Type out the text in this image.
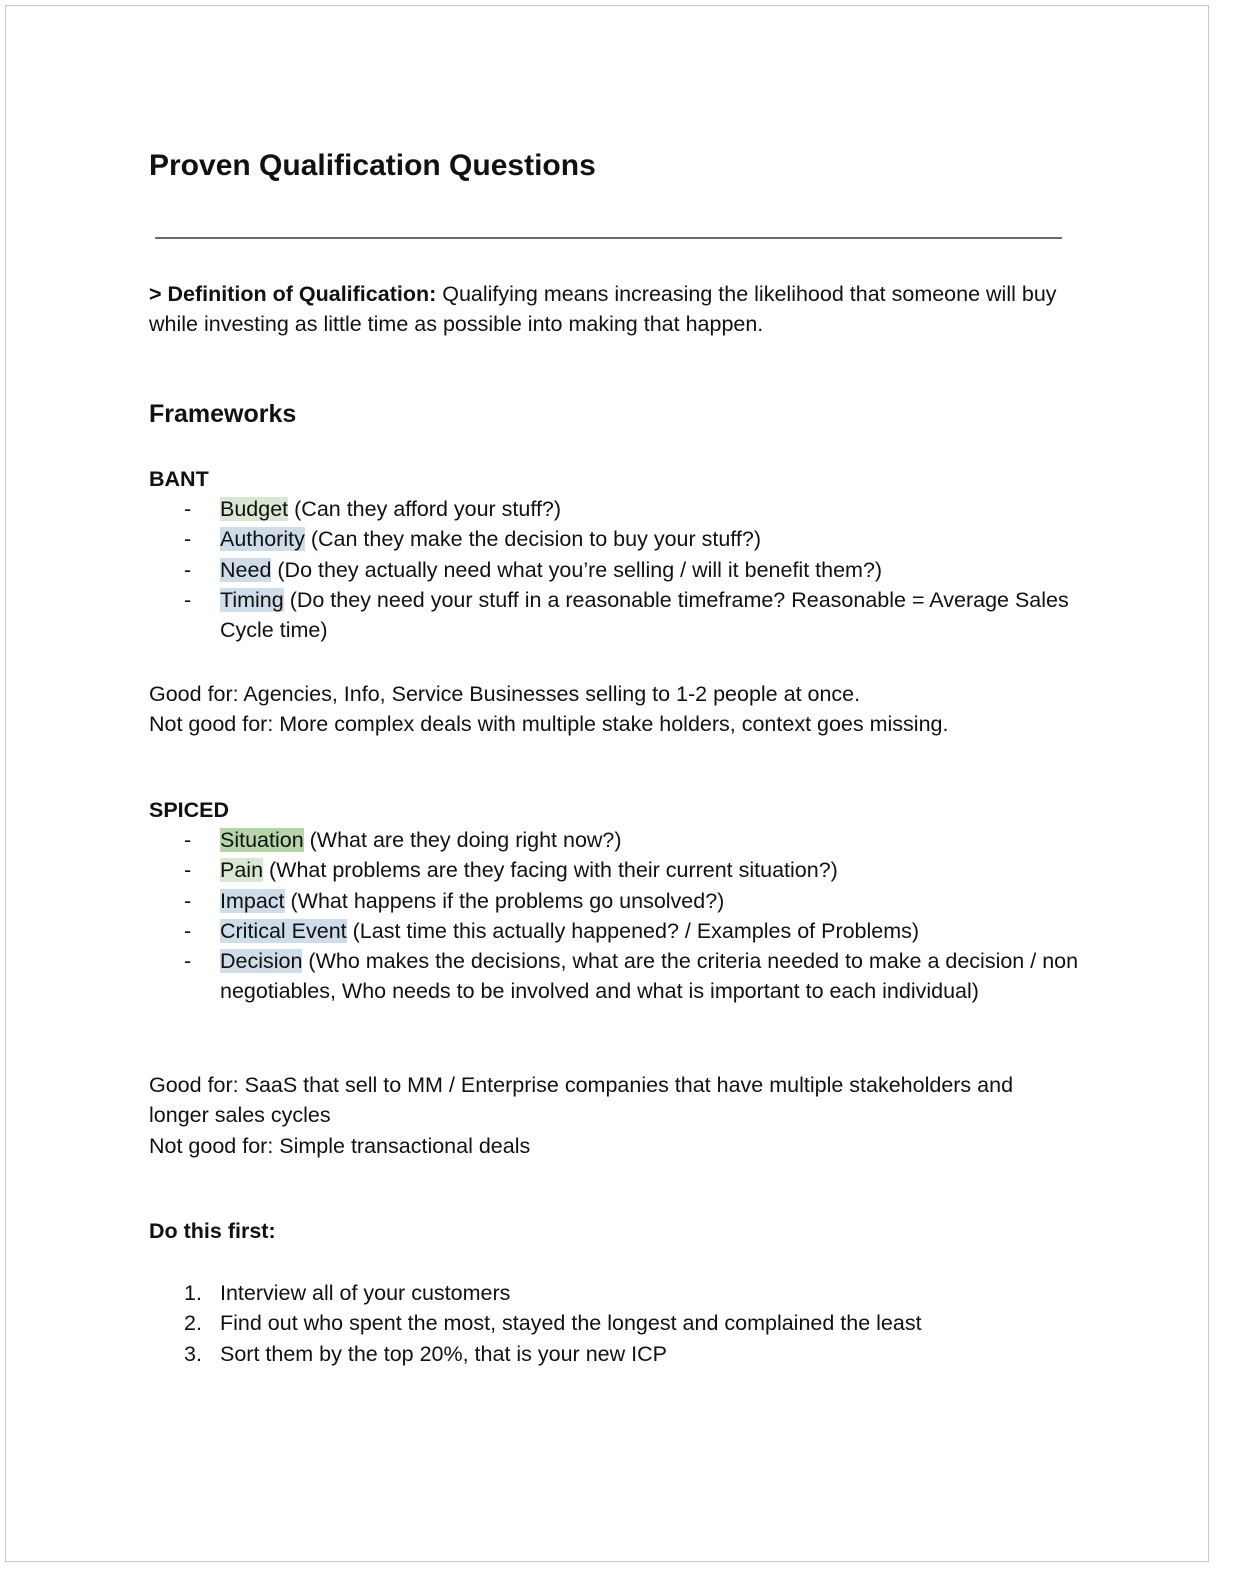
Proven Qualification Questions

> Definition of Qualification: Qualifying means increasing the likelihood that someone will buy while investing as little time as possible into making that happen.

Frameworks
BANT
- Budget (Can they afford your stuff?)
- Authority (Can they make the decision to buy your stuff?)
- Need (Do they actually need what you’re selling / will it benefit them?)
- Timing (Do they need your stuff in a reasonable timeframe? Reasonable = Average Sales Cycle time)

Good for: Agencies, Info, Service Businesses selling to 1-2 people at once.

Not good for: More complex deals with multiple stake holders, context goes missing.

SPICED
- Situation (What are they doing right now?)
- Pain (What problems are they facing with their current situation?)
- Impact (What happens if the problems go unsolved?)
- Critical Event (Last time this actually happened? / Examples of Problems)
- Decision (Who makes the decisions, what are the criteria needed to make a decision / non negotiables, Who needs to be involved and what is important to each individual)

Good for: SaaS that sell to MM / Enterprise companies that have multiple stakeholders and longer sales cycles

Not good for: Simple transactional deals

Do this first:
1. Interview all of your customers
2. Find out who spent the most, stayed the longest and complained the least
3. Sort them by the top 20%, that is your new ICP
